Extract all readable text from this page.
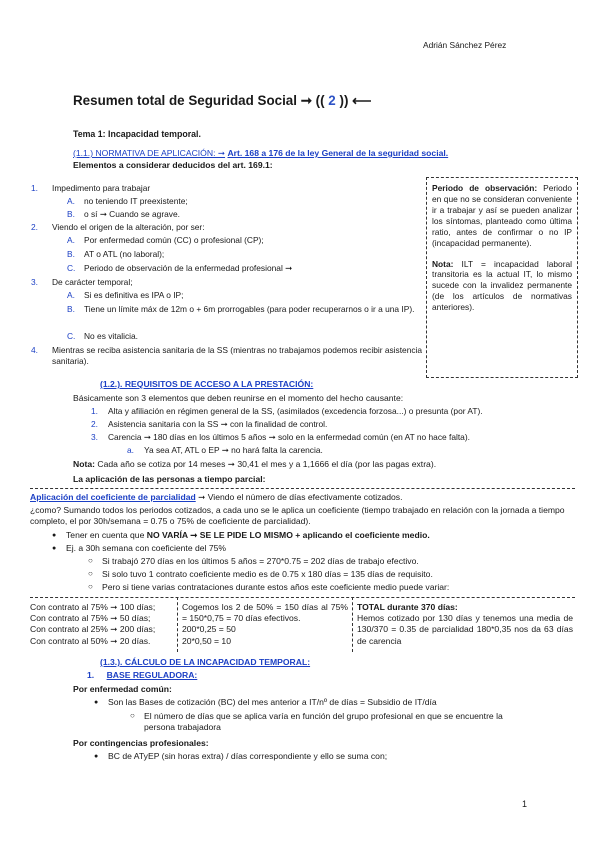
Adrián Sánchez Pérez
Resumen total de Seguridad Social ➞ (( 2 )) ⟵
Tema 1: Incapacidad temporal.
(1.1.) NORMATIVA DE APLICACIÓN: ➞ Art. 168 a 176 de la ley General de la seguridad social.
Elementos a considerar deducidos del art. 169.1:
1. Impedimento para trabajar
A. no teniendo IT preexistente;
B. o sí ➞ Cuando se agrave.
2. Viendo el origen de la alteración, por ser:
A. Por enfermedad común (CC) o profesional (CP);
B. AT o ATL (no laboral);
C. Periodo de observación de la enfermedad profesional ➞
3. De carácter temporal;
A. Si es definitiva es IPA o IP;
B. Tiene un límite máx de 12m o + 6m prorrogables (para poder recuperarnos o ir a una IP).
C. No es vitalicia.
4. Mientras se reciba asistencia sanitaria de la SS (mientras no trabajamos podemos recibir asistencia sanitaria).
Periodo de observación: Periodo en que no se consideran conveniente ir a trabajar y así se pueden analizar los síntomas, planteado como última ratio, antes de confirmar o no IP (incapacidad permanente).
Nota: ILT = incapacidad laboral transitoria es la actual IT, lo mismo sucede con la invalidez permanente (de los artículos de normativas anteriores).
(1.2.). REQUISITOS DE ACCESO A LA PRESTACIÓN:
Básicamente son 3 elementos que deben reunirse en el momento del hecho causante:
1. Alta y afiliación en régimen general de la SS, (asimilados (excedencia forzosa...) o presunta (por AT).
2. Asistencia sanitaria con la SS ➞ con la finalidad de control.
3. Carencia ➞ 180 días en los últimos 5 años ➞ solo en la enfermedad común (en AT no hace falta).
a. Ya sea AT, ATL o EP ➞ no hará falta la carencia.
Nota: Cada año se cotiza por 14 meses ➞ 30,41 el mes y a 1,1666 el día (por las pagas extra).
La aplicación de las personas a tiempo parcial:
Aplicación del coeficiente de parcialidad ➞ Viendo el número de días efectivamente cotizados.
¿como? Sumando todos los periodos cotizados, a cada uno se le aplica un coeficiente (tiempo trabajado en relación con la jornada a tiempo completo, el por 30h/semana = 0.75 o 75% de coeficiente de parcialidad).
● Tener en cuenta que NO VARÍA ➞ SE LE PIDE LO MISMO + aplicando el coeficiente medio.
● Ej. a 30h semana con coeficiente del 75%
○ Si trabajó 270 días en los últimos 5 años = 270*0.75 = 202 días de trabajo efectivo.
○ Si solo tuvo 1 contrato coeficiente medio es de 0.75 x 180 días = 135 días de requisito.
○ Pero si tiene varias contrataciones durante estos años este coeficiente medio puede variar:
Con contrato al 75% ➞ 100 días;
Con contrato al 75% ➞ 50 días;
Con contrato al 25% ➞ 200 días;
Con contrato al 50% ➞ 20 días.
Cogemos los 2 de 50% = 150 días al 75% = 150*0,75 = 70 días efectivos.
200*0,25 = 50
20*0,50 = 10
TOTAL durante 370 días:
Hemos cotizado por 130 días y tenemos una media de 130/370 = 0.35 de parcialidad 180*0,35 nos da 63 días de carencia
(1.3.). CÁLCULO DE LA INCAPACIDAD TEMPORAL:
1. BASE REGULADORA:
Por enfermedad común:
● Son las Bases de cotización (BC) del mes anterior a IT/nº de días = Subsidio de IT/día
○ El número de días que se aplica varía en función del grupo profesional en que se encuentre la persona trabajadora
Por contingencias profesionales:
● BC de ATyEP (sin horas extra) / días correspondiente y ello se suma con;
1
